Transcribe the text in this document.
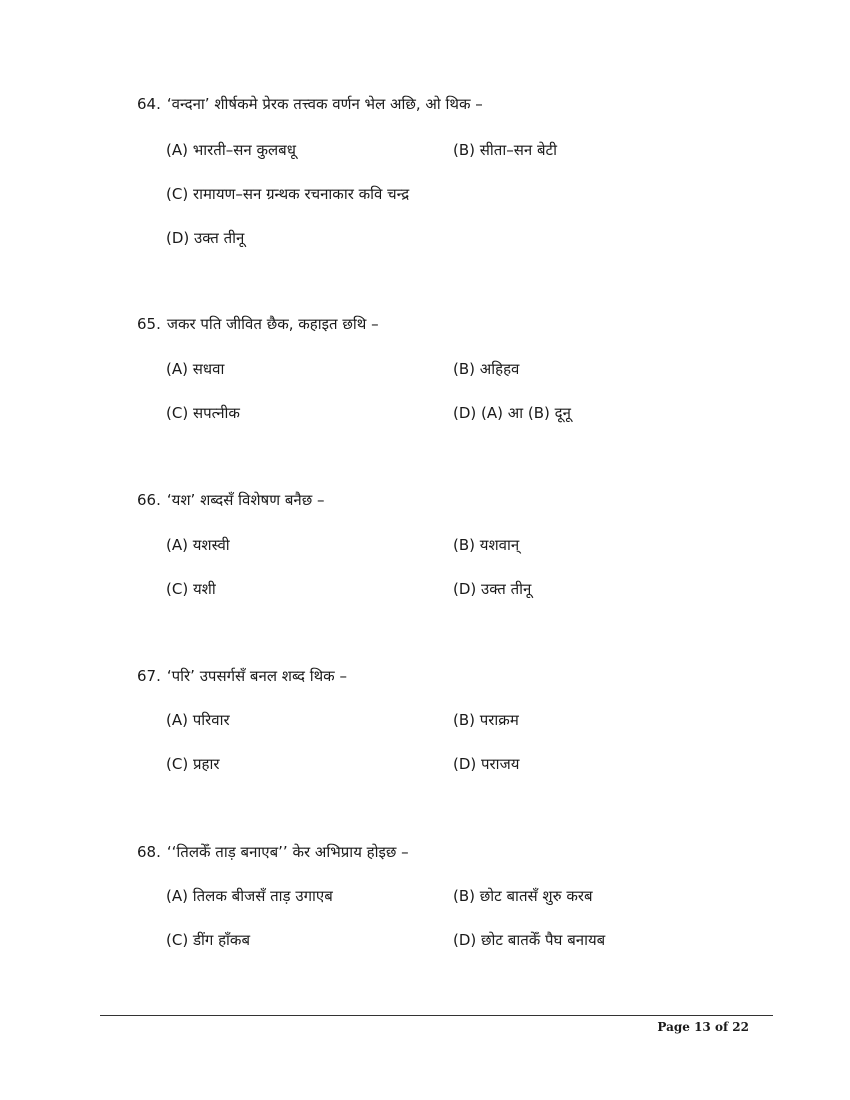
64. ‘वन्दना’ शीर्षकमे प्रेरक तत्त्वक वर्णन भेल अछि, ओ थिक –
(A) भारती–सन कुलबधू	(B) सीता–सन बेटी
(C) रामायण–सन ग्रन्थक रचनाकार कवि चन्द्र
(D) उक्त तीनू
65. जकर पति जीवित छैक, कहाइत छथि –
(A) सधवा	(B) अहिहव
(C) सपत्नीक	(D) (A) आ (B) दूनू
66. ‘यश’ शब्दसँ विशेषण बनैछ –
(A) यशस्वी	(B) यशवान्
(C) यशी	(D) उक्त तीनू
67. ‘परि’ उपसर्गसँ बनल शब्द थिक –
(A) परिवार	(B) पराक्रम
(C) प्रहार	(D) पराजय
68. ‘‘तिलकेँ ताड़ बनाएब’’ केर अभिप्राय होइछ –
(A) तिलक बीजसँ ताड़ उगाएब	(B) छोट बातसँ शुरु करब
(C) डींग हाँकब	(D) छोट बातकेँ पैघ बनायब
Page 13 of 22
